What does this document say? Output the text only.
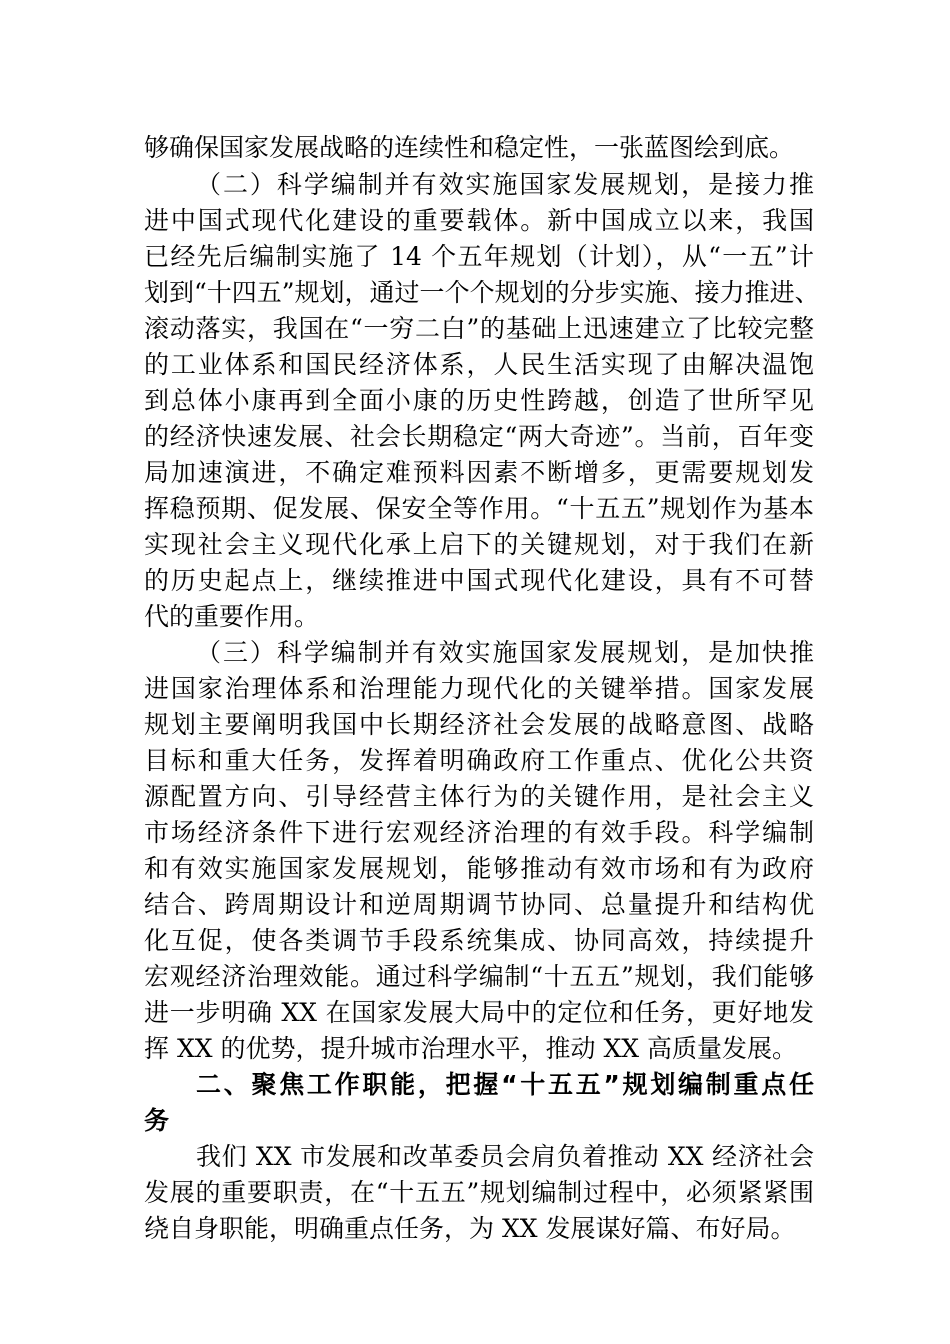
够确保国家发展战略的连续性和稳定性，一张蓝图绘到底。
（二）科学编制并有效实施国家发展规划，是接力推
进中国式现代化建设的重要载体。新中国成立以来，我国
已经先后编制实施了 14 个五年规划（计划），从“一五”计
划到“十四五”规划，通过一个个规划的分步实施、接力推进、
滚动落实，我国在“一穷二白”的基础上迅速建立了比较完整
的工业体系和国民经济体系，人民生活实现了由解决温饱
到总体小康再到全面小康的历史性跨越，创造了世所罕见
的经济快速发展、社会长期稳定“两大奇迹”。当前，百年变
局加速演进，不确定难预料因素不断增多，更需要规划发
挥稳预期、促发展、保安全等作用。“十五五”规划作为基本
实现社会主义现代化承上启下的关键规划，对于我们在新
的历史起点上，继续推进中国式现代化建设，具有不可替
代的重要作用。
（三）科学编制并有效实施国家发展规划，是加快推
进国家治理体系和治理能力现代化的关键举措。国家发展
规划主要阐明我国中长期经济社会发展的战略意图、战略
目标和重大任务，发挥着明确政府工作重点、优化公共资
源配置方向、引导经营主体行为的关键作用，是社会主义
市场经济条件下进行宏观经济治理的有效手段。科学编制
和有效实施国家发展规划，能够推动有效市场和有为政府
结合、跨周期设计和逆周期调节协同、总量提升和结构优
化互促，使各类调节手段系统集成、协同高效，持续提升
宏观经济治理效能。通过科学编制“十五五”规划，我们能够
进一步明确 XX 在国家发展大局中的定位和任务，更好地发
挥 XX 的优势，提升城市治理水平，推动 XX 高质量发展。
二、聚焦工作职能，把握“十五五”规划编制重点任
务
我们 XX 市发展和改革委员会肩负着推动 XX 经济社会
发展的重要职责，在“十五五”规划编制过程中，必须紧紧围
绕自身职能，明确重点任务，为 XX 发展谋好篇、布好局。
